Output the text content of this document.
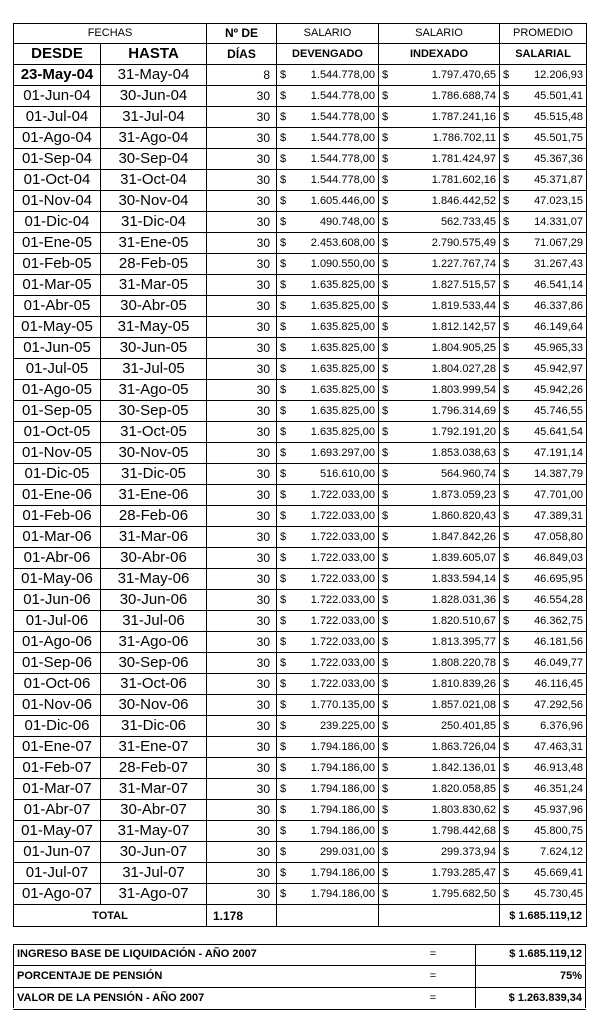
FECHAS		Nº DE	SALARIO	SALARIO	PROMEDIO
DESDE	HASTA	DÍAS	DEVENGADO	INDEXADO	SALARIAL
23-May-04	31-May-04	8	$ 1.544.778,00	$ 1.797.470,65	$ 12.206,93

01-Jun-04	30-Jun-04	30	$ 1.544.778,00	$ 1.786.688,74	$ 45.501,41

01-Jul-04	31-Jul-04	30	$ 1.544.778,00	$ 1.787.241,16	$ 45.515,48

01-Ago-04	31-Ago-04	30	$ 1.544.778,00	$ 1.786.702,11	$ 45.501,75

01-Sep-04	30-Sep-04	30	$ 1.544.778,00	$ 1.781.424,97	$ 45.367,36

01-Oct-04	31-Oct-04	30	$ 1.544.778,00	$ 1.781.602,16	$ 45.371,87

01-Nov-04	30-Nov-04	30	$ 1.605.446,00	$ 1.846.442,52	$ 47.023,15

01-Dic-04	31-Dic-04	30	$ 490.748,00	$ 562.733,45	$ 14.331,07

01-Ene-05	31-Ene-05	30	$ 2.453.608,00	$ 2.790.575,49	$ 71.067,29

01-Feb-05	28-Feb-05	30	$ 1.090.550,00	$ 1.227.767,74	$ 31.267,43

01-Mar-05	31-Mar-05	30	$ 1.635.825,00	$ 1.827.515,57	$ 46.541,14

01-Abr-05	30-Abr-05	30	$ 1.635.825,00	$ 1.819.533,44	$ 46.337,86

01-May-05	31-May-05	30	$ 1.635.825,00	$ 1.812.142,57	$ 46.149,64

01-Jun-05	30-Jun-05	30	$ 1.635.825,00	$ 1.804.905,25	$ 45.965,33

01-Jul-05	31-Jul-05	30	$ 1.635.825,00	$ 1.804.027,28	$ 45.942,97

01-Ago-05	31-Ago-05	30	$ 1.635.825,00	$ 1.803.999,54	$ 45.942,26

01-Sep-05	30-Sep-05	30	$ 1.635.825,00	$ 1.796.314,69	$ 45.746,55

01-Oct-05	31-Oct-05	30	$ 1.635.825,00	$ 1.792.191,20	$ 45.641,54

01-Nov-05	30-Nov-05	30	$ 1.693.297,00	$ 1.853.038,63	$ 47.191,14

01-Dic-05	31-Dic-05	30	$ 516.610,00	$ 564.960,74	$ 14.387,79

01-Ene-06	31-Ene-06	30	$ 1.722.033,00	$ 1.873.059,23	$ 47.701,00

01-Feb-06	28-Feb-06	30	$ 1.722.033,00	$ 1.860.820,43	$ 47.389,31

01-Mar-06	31-Mar-06	30	$ 1.722.033,00	$ 1.847.842,26	$ 47.058,80

01-Abr-06	30-Abr-06	30	$ 1.722.033,00	$ 1.839.605,07	$ 46.849,03

01-May-06	31-May-06	30	$ 1.722.033,00	$ 1.833.594,14	$ 46.695,95

01-Jun-06	30-Jun-06	30	$ 1.722.033,00	$ 1.828.031,36	$ 46.554,28

01-Jul-06	31-Jul-06	30	$ 1.722.033,00	$ 1.820.510,67	$ 46.362,75

01-Ago-06	31-Ago-06	30	$ 1.722.033,00	$ 1.813.395,77	$ 46.181,56

01-Sep-06	30-Sep-06	30	$ 1.722.033,00	$ 1.808.220,78	$ 46.049,77

01-Oct-06	31-Oct-06	30	$ 1.722.033,00	$ 1.810.839,26	$ 46.116,45

01-Nov-06	30-Nov-06	30	$ 1.770.135,00	$ 1.857.021,08	$ 47.292,56

01-Dic-06	31-Dic-06	30	$ 239.225,00	$ 250.401,85	$ 6.376,96

01-Ene-07	31-Ene-07	30	$ 1.794.186,00	$ 1.863.726,04	$ 47.463,31

01-Feb-07	28-Feb-07	30	$ 1.794.186,00	$ 1.842.136,01	$ 46.913,48

01-Mar-07	31-Mar-07	30	$ 1.794.186,00	$ 1.820.058,85	$ 46.351,24

01-Abr-07	30-Abr-07	30	$ 1.794.186,00	$ 1.803.830,62	$ 45.937,96

01-May-07	31-May-07	30	$ 1.794.186,00	$ 1.798.442,68	$ 45.800,75

01-Jun-07	30-Jun-07	30	$ 299.031,00	$ 299.373,94	$ 7.624,12

01-Jul-07	31-Jul-07	30	$ 1.794.186,00	$ 1.793.285,47	$ 45.669,41

01-Ago-07	31-Ago-07	30	$ 1.794.186,00	$ 1.795.682,50	$ 45.730,45

TOTAL		1.178			$ 1.685.119,12
INGRESO BASE DE LIQUIDACIÓN - AÑO 2007	=	$ 1.685.119,12
PORCENTAJE DE PENSIÓN	=	75%
VALOR DE LA PENSIÓN - AÑO 2007	=	$ 1.263.839,34
